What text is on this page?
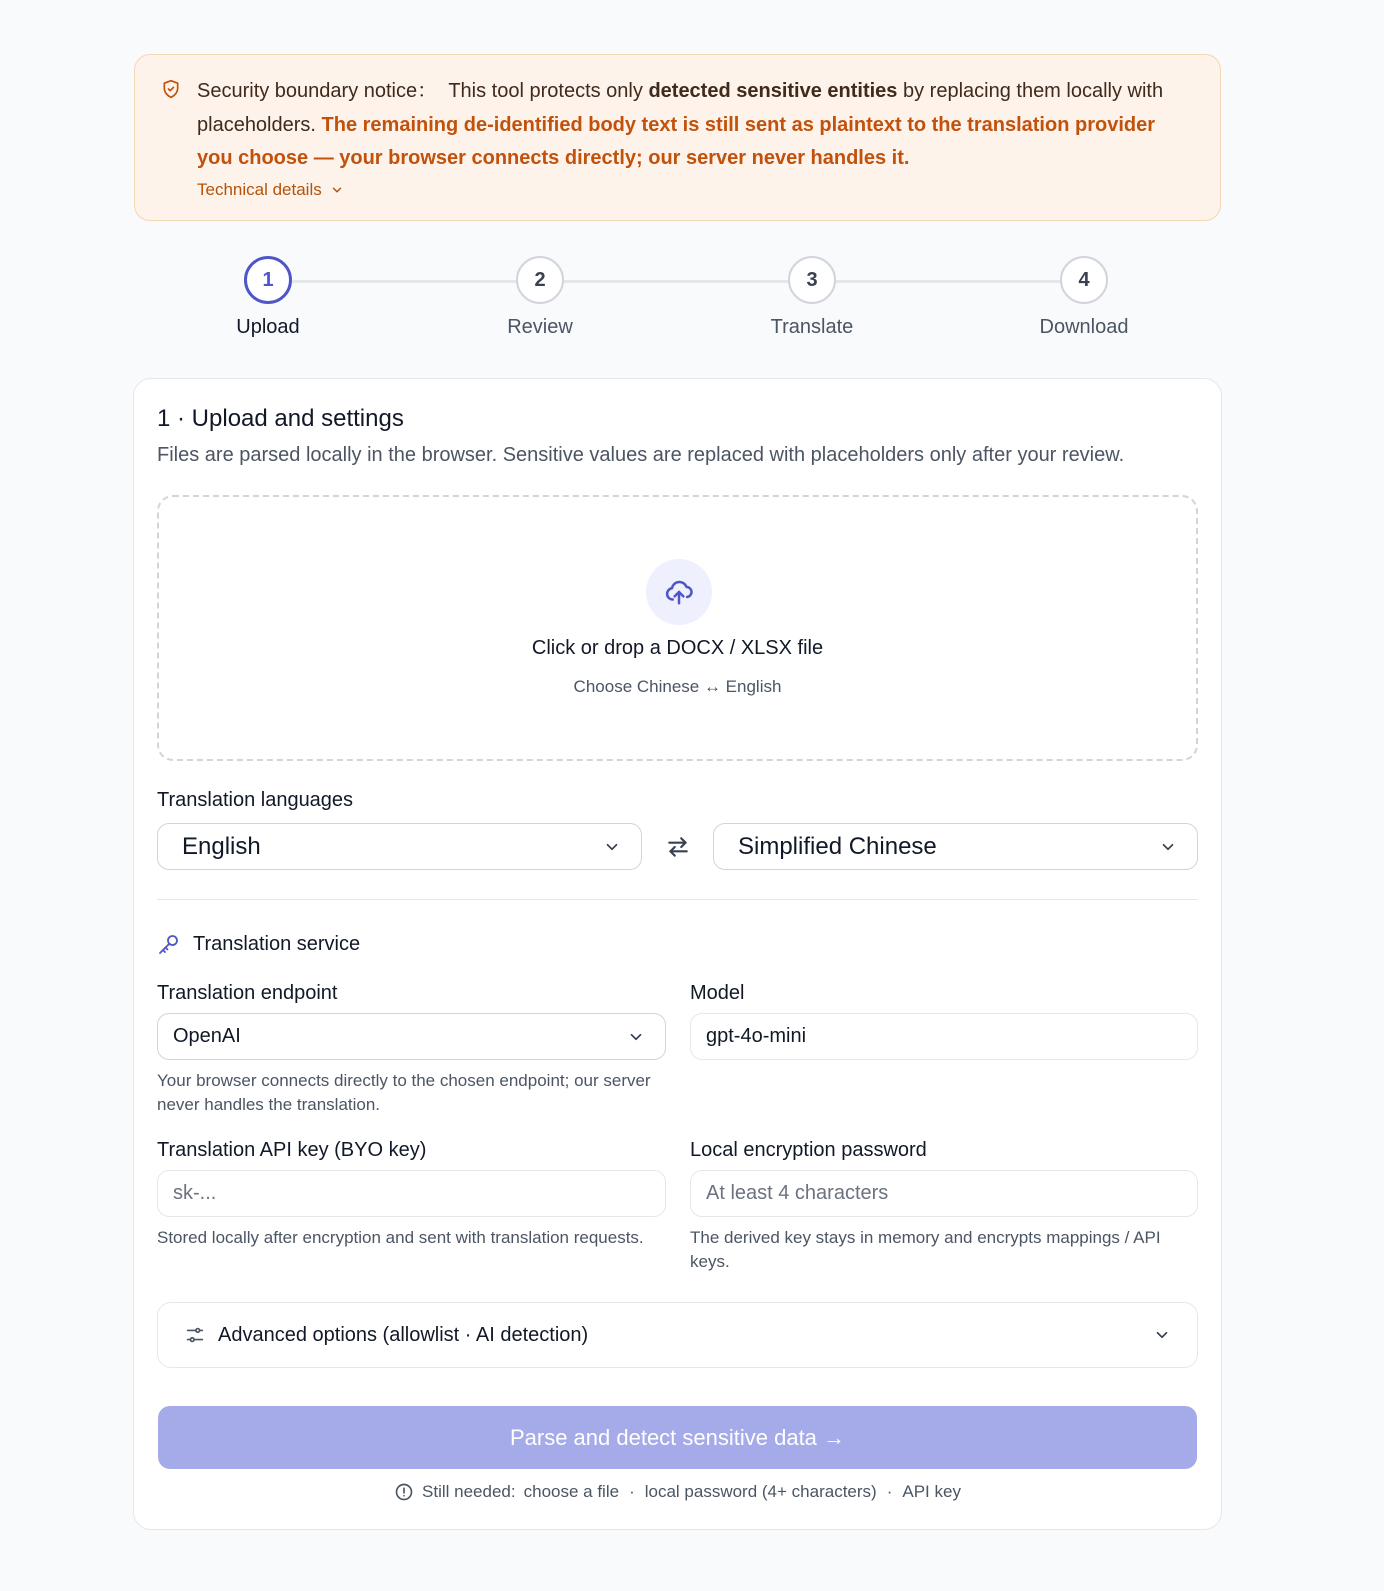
Security boundary notice： This tool protects only detected sensitive entities by replacing them locally with placeholders. The remaining de-identified body text is still sent as plaintext to the translation provider you choose — your browser connects directly; our server never handles it.

Technical details
1
Upload
2
Review
3
Translate
4
Download
1 · Upload and settings
Files are parsed locally in the browser. Sensitive values are replaced with placeholders only after your review.
Click or drop a DOCX / XLSX file
Choose Chinese ↔ English
Translation languages
English	Simplified Chinese
Translation service
Translation endpoint
OpenAI
Your browser connects directly to the chosen endpoint; our server never handles the translation.
Model
gpt-4o-mini
Translation API key (BYO key)
sk-...
Stored locally after encryption and sent with translation requests.
Local encryption password
At least 4 characters
The derived key stays in memory and encrypts mappings / API keys.
Advanced options (allowlist · AI detection)
Parse and detect sensitive data →
Still needed: choose a file · local password (4+ characters) · API key
